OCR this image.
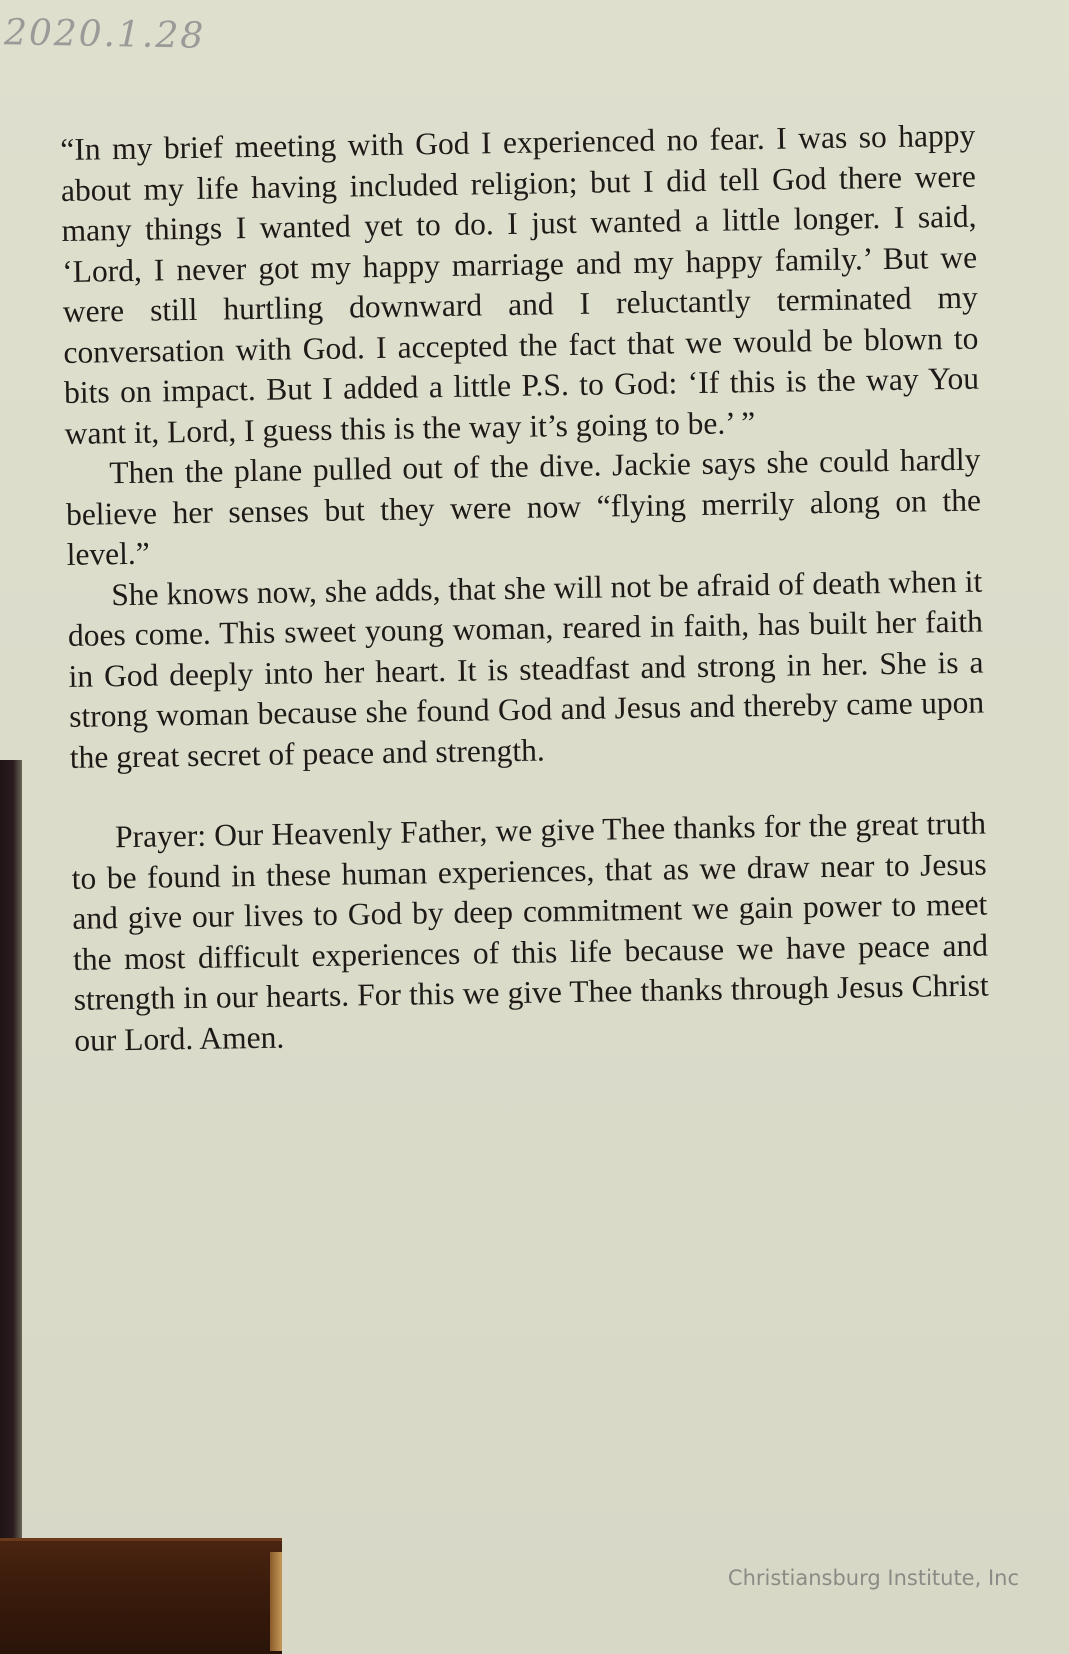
2020.1.28

“In my brief meeting with God I experienced no fear. I was so happy about my life having included religion; but I did tell God there were many things I wanted yet to do. I just wanted a little longer. I said, ‘Lord, I never got my happy marriage and my happy family.’ But we were still hurtling downward and I reluctantly terminated my conversation with God. I accepted the fact that we would be blown to bits on impact. But I added a little P.S. to God: ‘If this is the way You want it, Lord, I guess this is the way it’s going to be.’ ”

Then the plane pulled out of the dive. Jackie says she could hardly believe her senses but they were now “flying merrily along on the level.”

She knows now, she adds, that she will not be afraid of death when it does come. This sweet young woman, reared in faith, has built her faith in God deeply into her heart. It is steadfast and strong in her. She is a strong woman because she found God and Jesus and thereby came upon the great secret of peace and strength.

Prayer: Our Heavenly Father, we give Thee thanks for the great truth to be found in these human experiences, that as we draw near to Jesus and give our lives to God by deep commitment we gain power to meet the most difficult experiences of this life because we have peace and strength in our hearts. For this we give Thee thanks through Jesus Christ our Lord. Amen.

Christiansburg Institute, Inc
